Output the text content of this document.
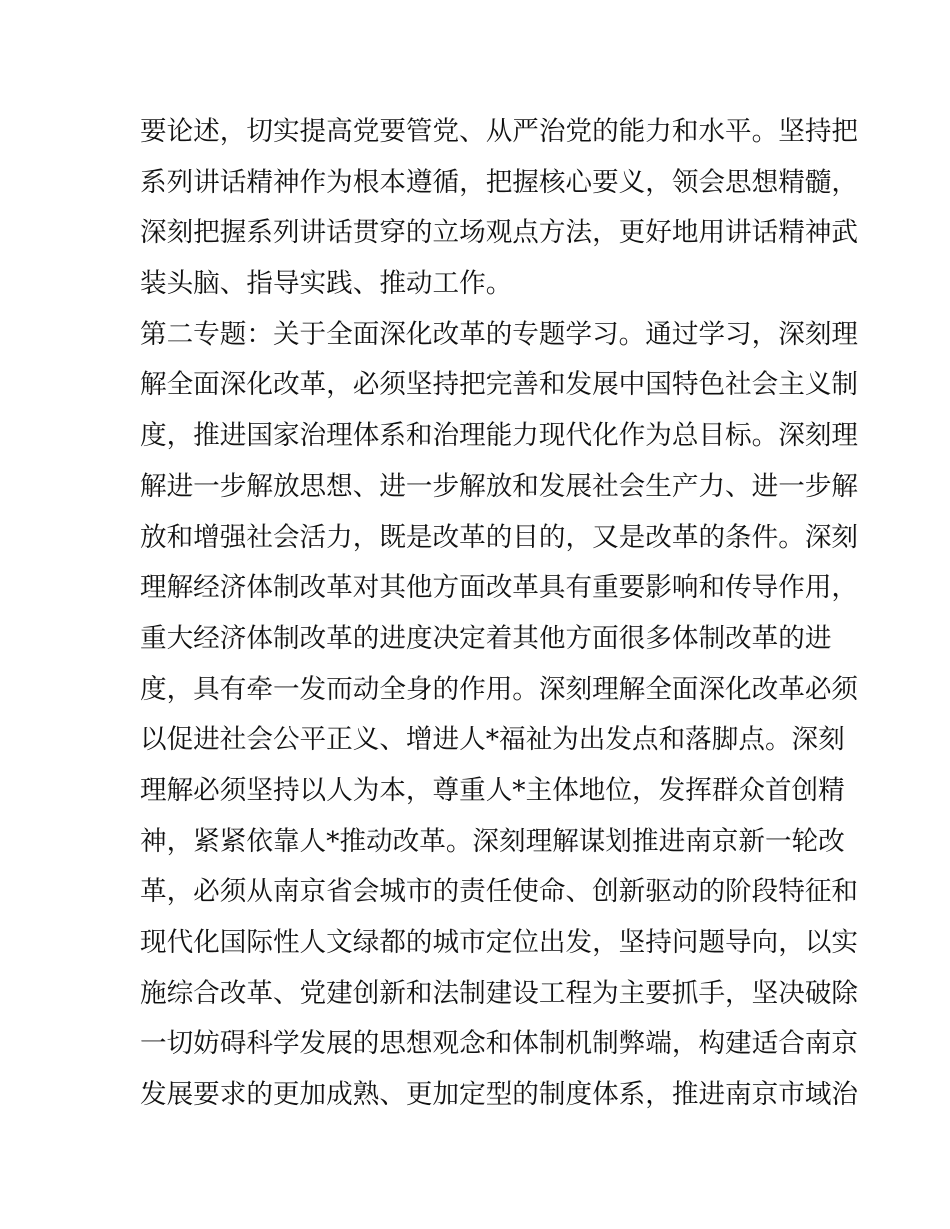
要论述，切实提高党要管党、从严治党的能力和水平。坚持把
系列讲话精神作为根本遵循，把握核心要义，领会思想精髓，
深刻把握系列讲话贯穿的立场观点方法，更好地用讲话精神武
装头脑、指导实践、推动工作。
第二专题：关于全面深化改革的专题学习。通过学习，深刻理
解全面深化改革，必须坚持把完善和发展中国特色社会主义制
度，推进国家治理体系和治理能力现代化作为总目标。深刻理
解进一步解放思想、进一步解放和发展社会生产力、进一步解
放和增强社会活力，既是改革的目的，又是改革的条件。深刻
理解经济体制改革对其他方面改革具有重要影响和传导作用，
重大经济体制改革的进度决定着其他方面很多体制改革的进
度，具有牵一发而动全身的作用。深刻理解全面深化改革必须
以促进社会公平正义、增进人*福祉为出发点和落脚点。深刻
理解必须坚持以人为本，尊重人*主体地位，发挥群众首创精
神，紧紧依靠人*推动改革。深刻理解谋划推进南京新一轮改
革，必须从南京省会城市的责任使命、创新驱动的阶段特征和
现代化国际性人文绿都的城市定位出发，坚持问题导向，以实
施综合改革、党建创新和法制建设工程为主要抓手，坚决破除
一切妨碍科学发展的思想观念和体制机制弊端，构建适合南京
发展要求的更加成熟、更加定型的制度体系，推进南京市域治
